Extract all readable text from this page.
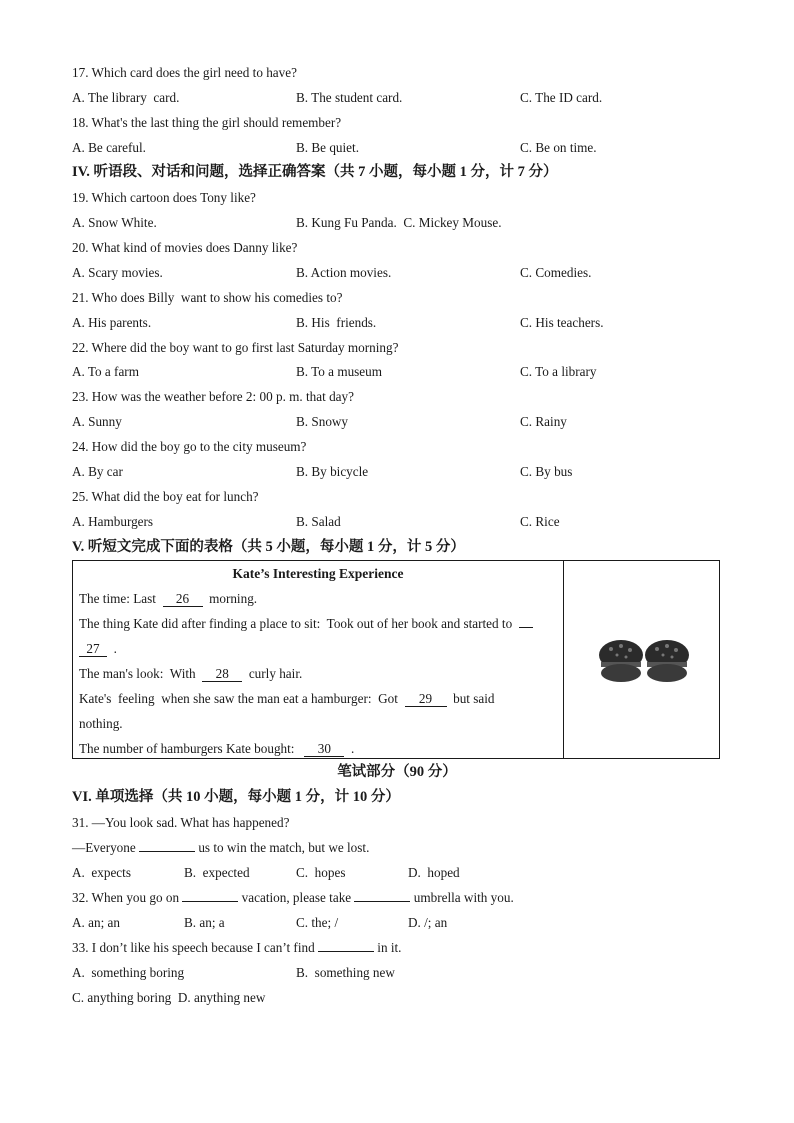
17. Which card does the girl need to have?
A. The library  card.	B. The student card.	C. The ID card.
18. What's the last thing the girl should remember?
A. Be careful.	B. Be quiet.	C. Be on time.
IV. 听语段、对话和问题，选择正确答案（共 7 小题，每小题 1 分，计 7 分）
19. Which cartoon does Tony like?
A. Snow White.	B. Kung Fu Panda.  C. Mickey Mouse.
20. What kind of movies does Danny like?
A. Scary movies.	B. Action movies.	C. Comedies.
21. Who does Billy  want to show his comedies to?
A. His parents.	B. His  friends.	C. His teachers.
22. Where did the boy want to go first last Saturday morning?
A. To a farm	B. To a museum	C. To a library
23. How was the weather before 2: 00 p. m. that day?
A. Sunny	B. Snowy	C. Rainy
24. How did the boy go to the city museum?
A. By car	B. By bicycle	C. By bus
25. What did the boy eat for lunch?
A. Hamburgers	B. Salad	C. Rice
V. 听短文完成下面的表格（共 5 小题，每小题 1 分，计 5 分）
Kate’s Interesting Experience
The time: Last  26  morning.
The thing Kate did after finding a place to sit:  Took out of her book and started to
27  .
The man's look:  With  28  curly hair.
Kate's  feeling  when she saw the man eat a hamburger:  Got  29  but said
nothing.
The number of hamburgers Kate bought:   30  .
笔试部分（90 分）
VI. 单项选择（共 10 小题，每小题 1 分，计 10 分）
31. —You look sad. What has happened?
—Everyone	us to win the match, but we lost.
A.  expects	B.  expected	C.  hopes	D.  hoped
32. When you go on	vacation, please take	umbrella with you.
A. an; an	B. an; a	C. the; /	D. /; an
33. I don’t like his speech because I can’t find	in it.
A.  something boring	B.  something new
C. anything boring  D. anything new
